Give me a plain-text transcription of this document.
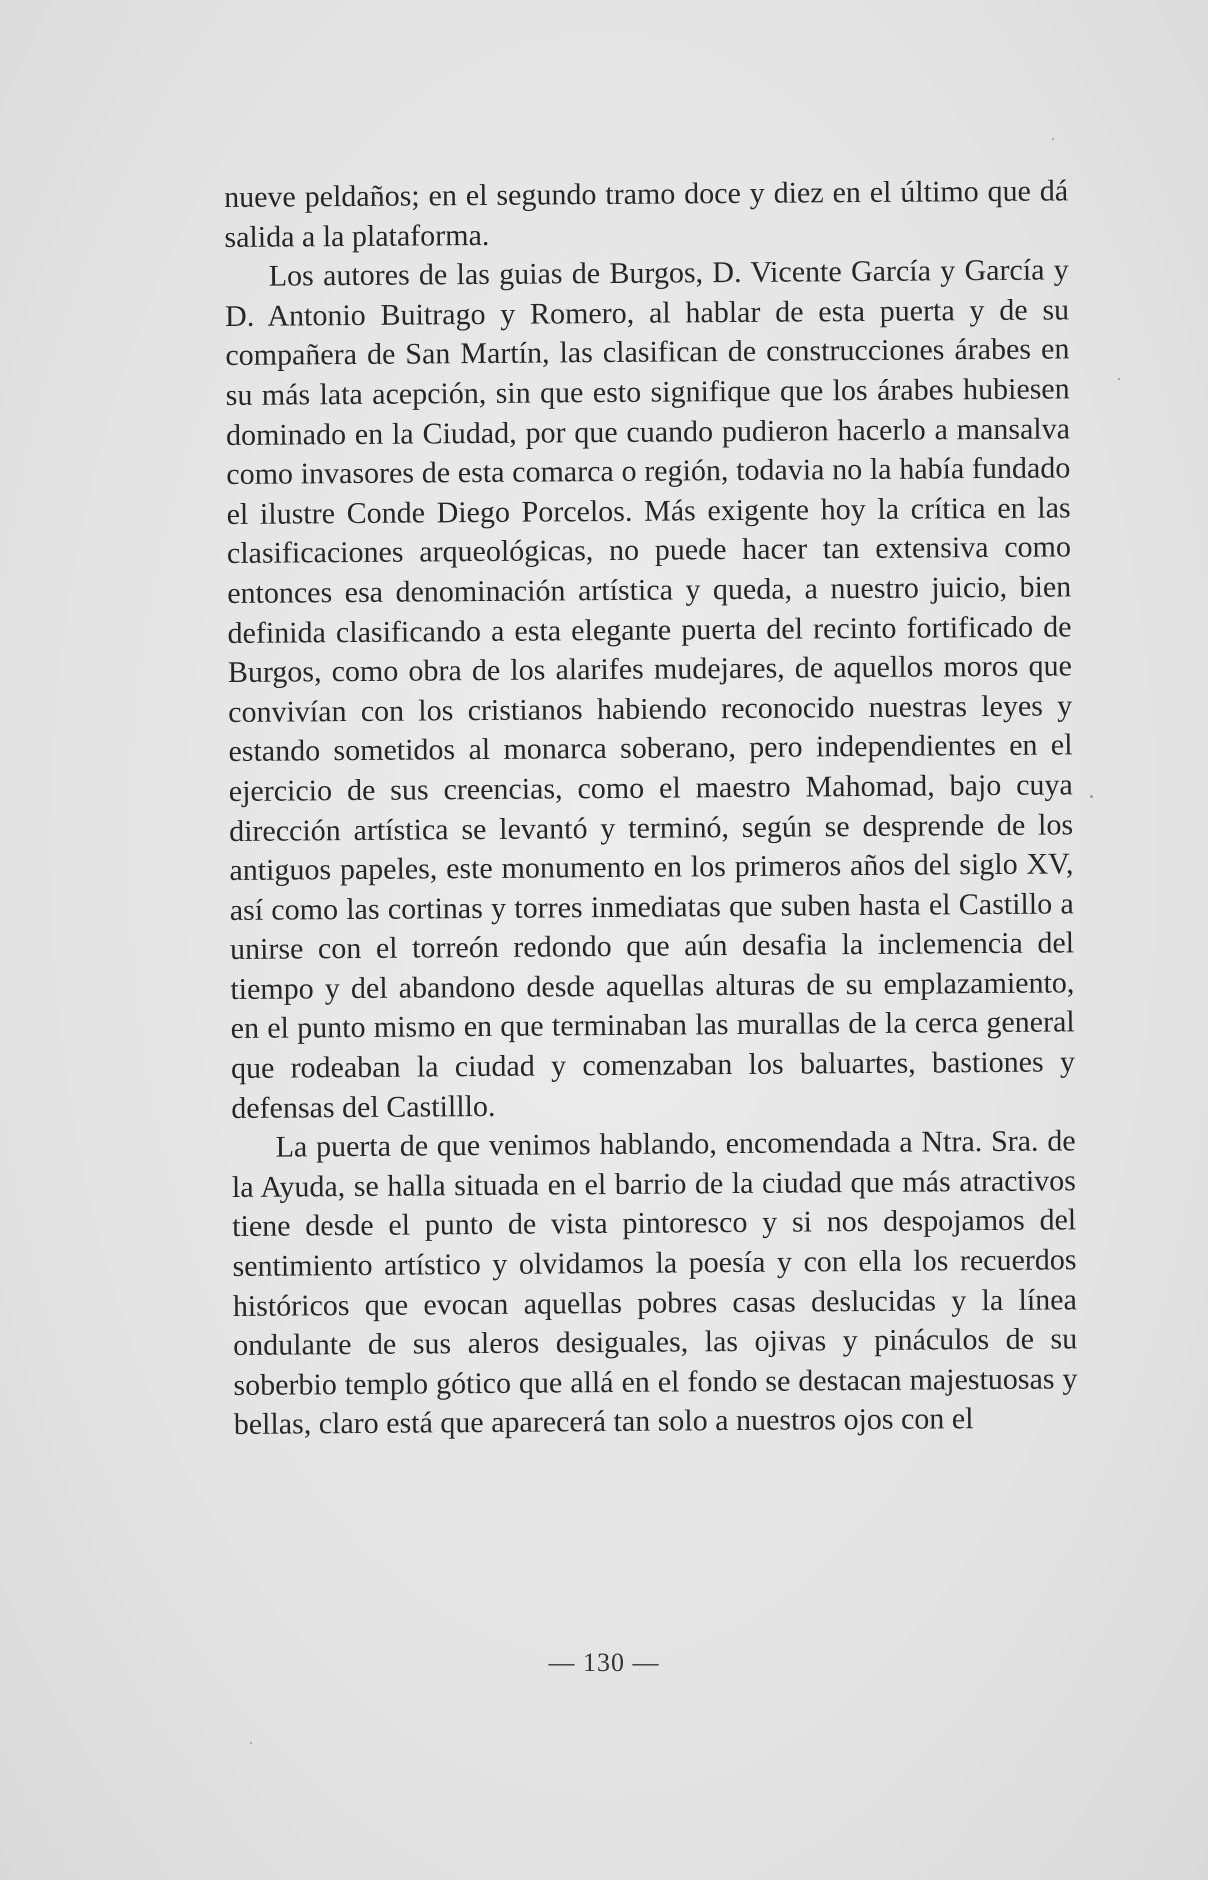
nueve peldaños; en el segundo tramo doce y diez en el último que dá salida a la plataforma.

Los autores de las guias de Burgos, D. Vicente García y García y D. Antonio Buitrago y Romero, al hablar de esta puerta y de su compañera de San Martín, las clasifican de construcciones árabes en su más lata acepción, sin que esto signifique que los árabes hubiesen dominado en la Ciudad, por que cuando pudieron hacerlo a mansalva como invasores de esta comarca o región, todavia no la había fundado el ilustre Conde Diego Porcelos. Más exigente hoy la crítica en las clasificaciones arqueológicas, no puede hacer tan extensiva como entonces esa denominación artística y queda, a nuestro juicio, bien definida clasificando a esta elegante puerta del recinto fortificado de Burgos, como obra de los alarifes mudejares, de aquellos moros que convivían con los cristianos habiendo reconocido nuestras leyes y estando sometidos al monarca soberano, pero independientes en el ejercicio de sus creencias, como el maestro Mahomad, bajo cuya dirección artística se levantó y terminó, según se desprende de los antiguos papeles, este monumento en los primeros años del siglo XV, así como las cortinas y torres inmediatas que suben hasta el Castillo a unirse con el torreón redondo que aún desafia la inclemencia del tiempo y del abandono desde aquellas alturas de su emplazamiento, en el punto mismo en que terminaban las murallas de la cerca general que rodeaban la ciudad y comenzaban los baluartes, bastiones y defensas del Castilllo.

La puerta de que venimos hablando, encomendada a Ntra. Sra. de la Ayuda, se halla situada en el barrio de la ciudad que más atractivos tiene desde el punto de vista pintoresco y si nos despojamos del sentimiento artístico y olvidamos la poesía y con ella los recuerdos históricos que evocan aquellas pobres casas deslucidas y la línea ondulante de sus aleros desiguales, las ojivas y pináculos de su soberbio templo gótico que allá en el fondo se destacan majestuosas y bellas, claro está que aparecerá tan solo a nuestros ojos con el

— 130 —
